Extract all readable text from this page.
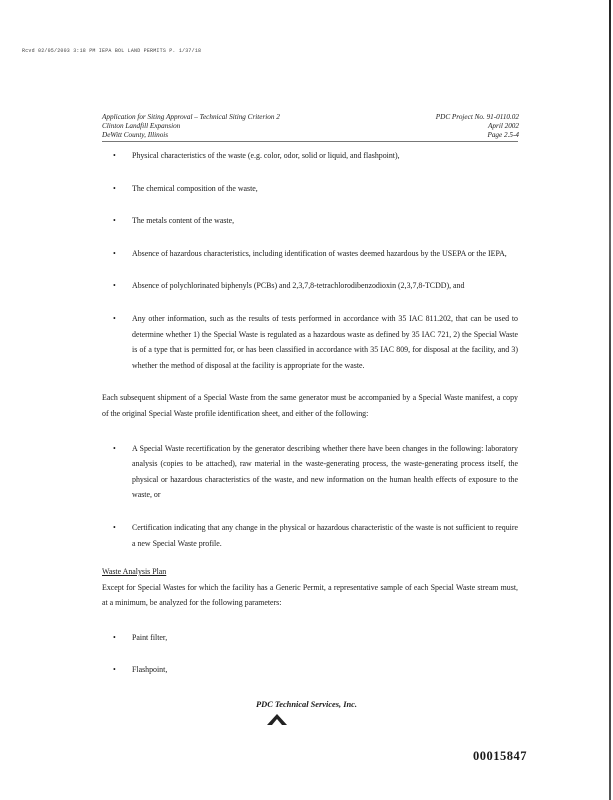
Rcvd 02/05/2003 3:18 PM IEPA BOL LAND PERMITS P. 1/37/18
Application for Siting Approval – Technical Siting Criterion 2
Clinton Landfill Expansion
DeWitt County, Illinois
PDC Project No. 91-0110.02
April 2002
Page 2.5-4
• Physical characteristics of the waste (e.g. color, odor, solid or liquid, and flashpoint),
• The chemical composition of the waste,
• The metals content of the waste,
• Absence of hazardous characteristics, including identification of wastes deemed hazardous by the USEPA or the IEPA,
• Absence of polychlorinated biphenyls (PCBs) and 2,3,7,8-tetrachlorodibenzodioxin (2,3,7,8-TCDD), and
• Any other information, such as the results of tests performed in accordance with 35 IAC 811.202, that can be used to determine whether 1) the Special Waste is regulated as a hazardous waste as defined by 35 IAC 721, 2) the Special Waste is of a type that is permitted for, or has been classified in accordance with 35 IAC 809, for disposal at the facility, and 3) whether the method of disposal at the facility is appropriate for the waste.
Each subsequent shipment of a Special Waste from the same generator must be accompanied by a Special Waste manifest, a copy of the original Special Waste profile identification sheet, and either of the following:
• A Special Waste recertification by the generator describing whether there have been changes in the following: laboratory analysis (copies to be attached), raw material in the waste-generating process, the waste-generating process itself, the physical or hazardous characteristics of the waste, and new information on the human health effects of exposure to the waste, or
• Certification indicating that any change in the physical or hazardous characteristic of the waste is not sufficient to require a new Special Waste profile.
Waste Analysis Plan
Except for Special Wastes for which the facility has a Generic Permit, a representative sample of each Special Waste stream must, at a minimum, be analyzed for the following parameters:
• Paint filter,
• Flashpoint,
PDC Technical Services, Inc.
00015847
